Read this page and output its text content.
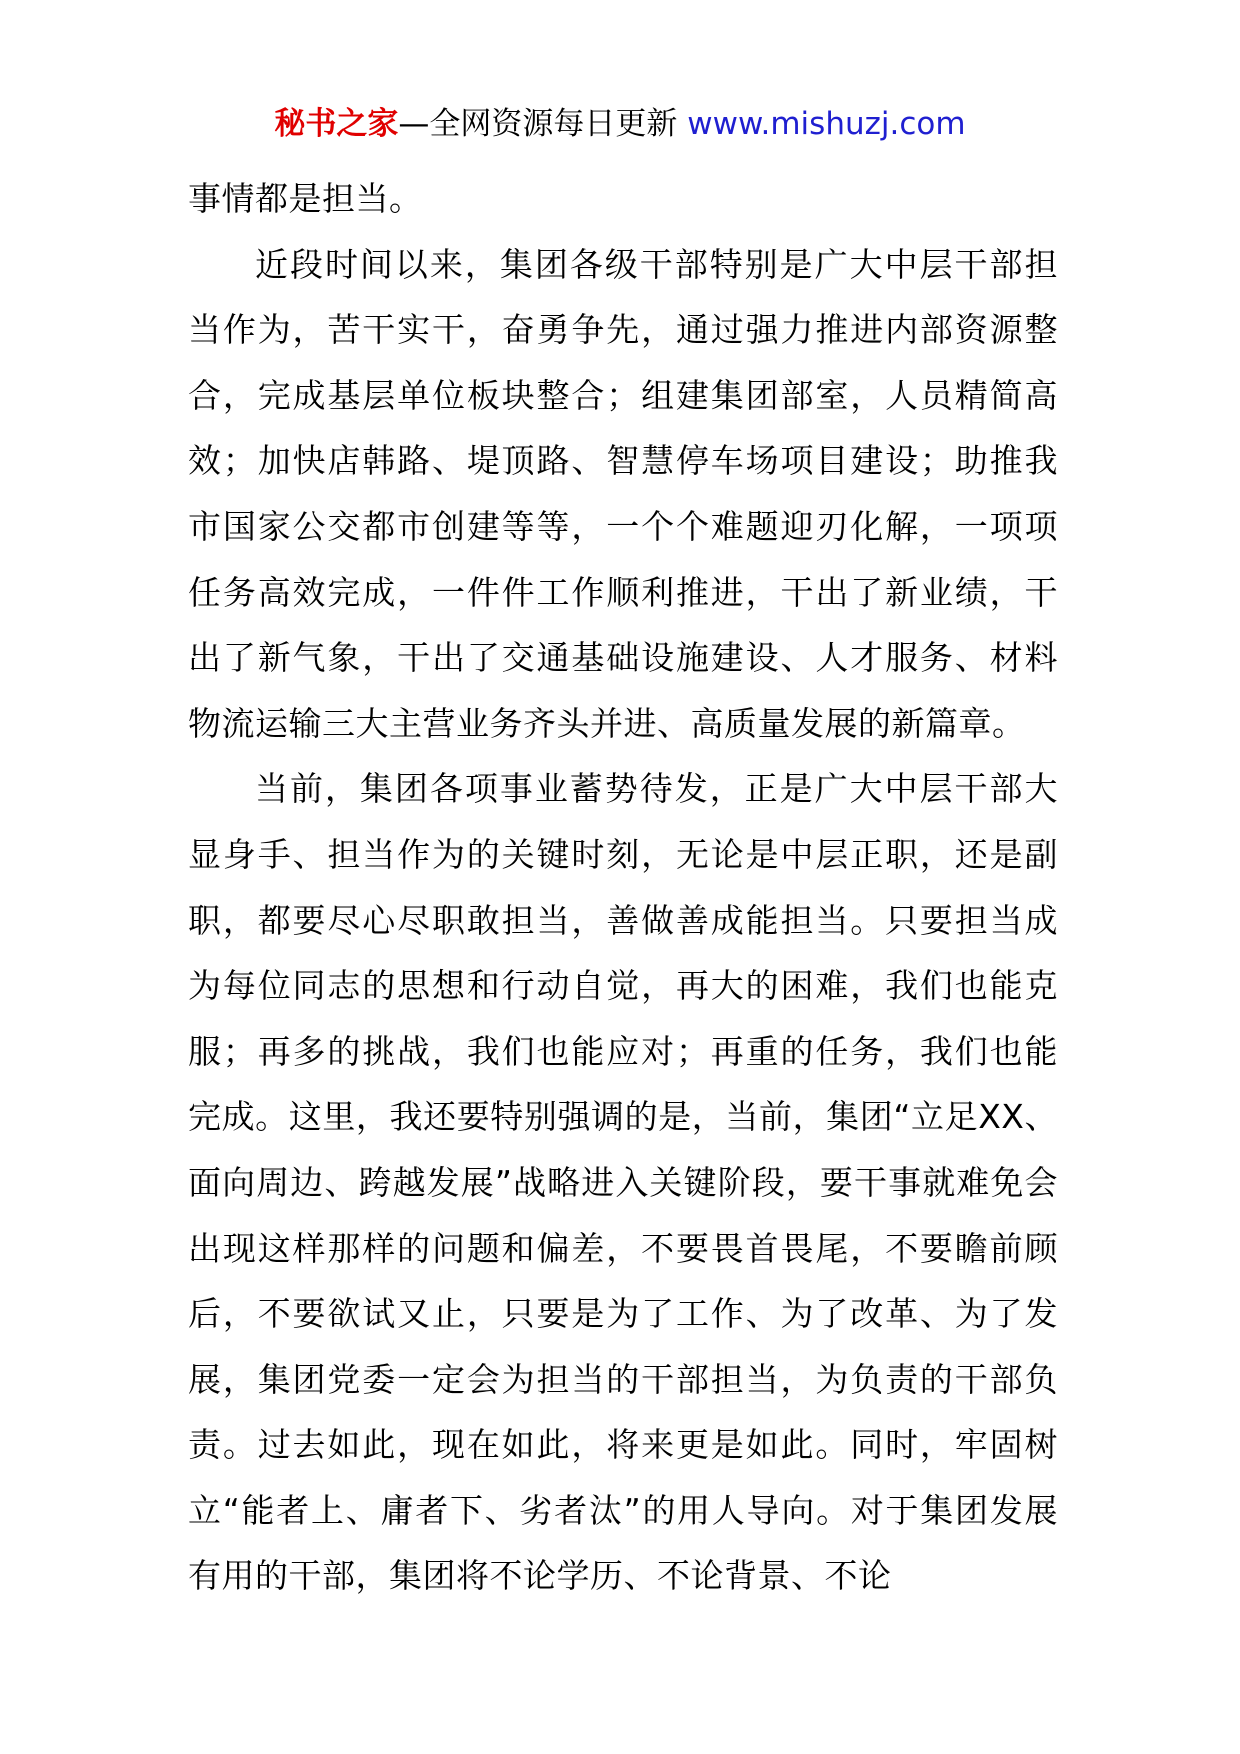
秘书之家—全网资源每日更新 www.mishuzj.com

事情都是担当。

近段时间以来，集团各级干部特别是广大中层干部担当作为，苦干实干，奋勇争先，通过强力推进内部资源整合，完成基层单位板块整合；组建集团部室，人员精简高效；加快店韩路、堤顶路、智慧停车场项目建设；助推我市国家公交都市创建等等，一个个难题迎刃化解，一项项任务高效完成，一件件工作顺利推进，干出了新业绩，干出了新气象，干出了交通基础设施建设、人才服务、材料物流运输三大主营业务齐头并进、高质量发展的新篇章。

当前，集团各项事业蓄势待发，正是广大中层干部大显身手、担当作为的关键时刻，无论是中层正职，还是副职，都要尽心尽职敢担当，善做善成能担当。只要担当成为每位同志的思想和行动自觉，再大的困难，我们也能克服；再多的挑战，我们也能应对；再重的任务，我们也能完成。这里，我还要特别强调的是，当前，集团“立足XX、面向周边、跨越发展”战略进入关键阶段，要干事就难免会出现这样那样的问题和偏差，不要畏首畏尾，不要瞻前顾后，不要欲试又止，只要是为了工作、为了改革、为了发展，集团党委一定会为担当的干部担当，为负责的干部负责。过去如此，现在如此，将来更是如此。同时，牢固树立“能者上、庸者下、劣者汰”的用人导向。对于集团发展有用的干部，集团将不论学历、不论背景、不论
